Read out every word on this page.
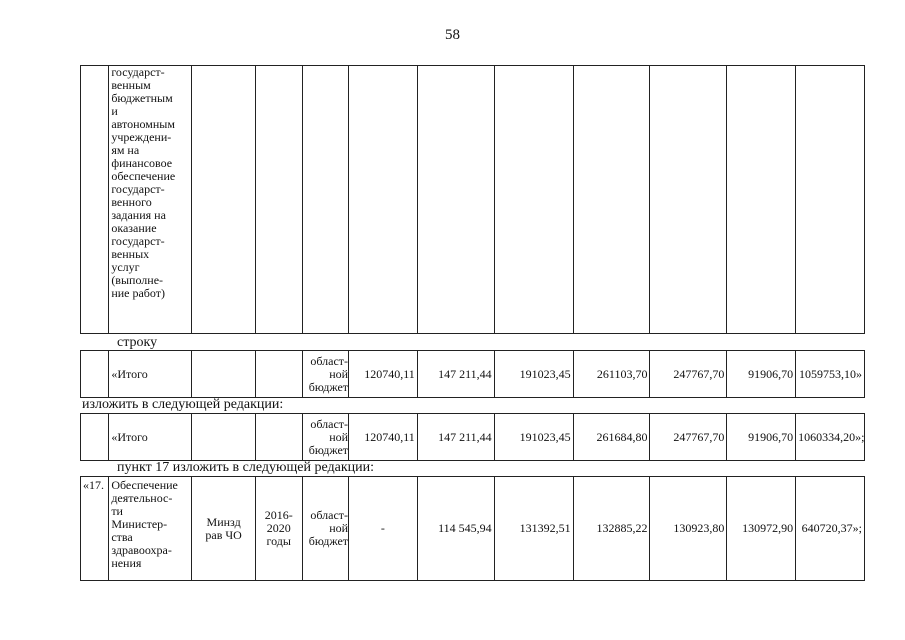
58
	государст-
венным
бюджетным
и
автономным
учреждени-
ям на
финансовое
обеспечение
государст-
венного
задания на
оказание
государст-
венных
услуг
(выполне-
ние работ)										
строку
	«Итого			област-
ной
бюджет	120740,11	147 211,44	191023,45	261103,70	247767,70	91906,70	1059753,10»
изложить в следующей редакции:
	«Итого			област-
ной
бюджет	120740,11	147 211,44	191023,45	261684,80	247767,70	91906,70	1060334,20»;
пункт 17 изложить в следующей редакции:
«17.	Обеспечение
деятельнос-
ти
Министер-
ства
здравоохра-
нения	Минзд
рав ЧО	2016-
2020
годы	област-
ной
бюджет	-	114 545,94	131392,51	132885,22	130923,80	130972,90	640720,37»;
